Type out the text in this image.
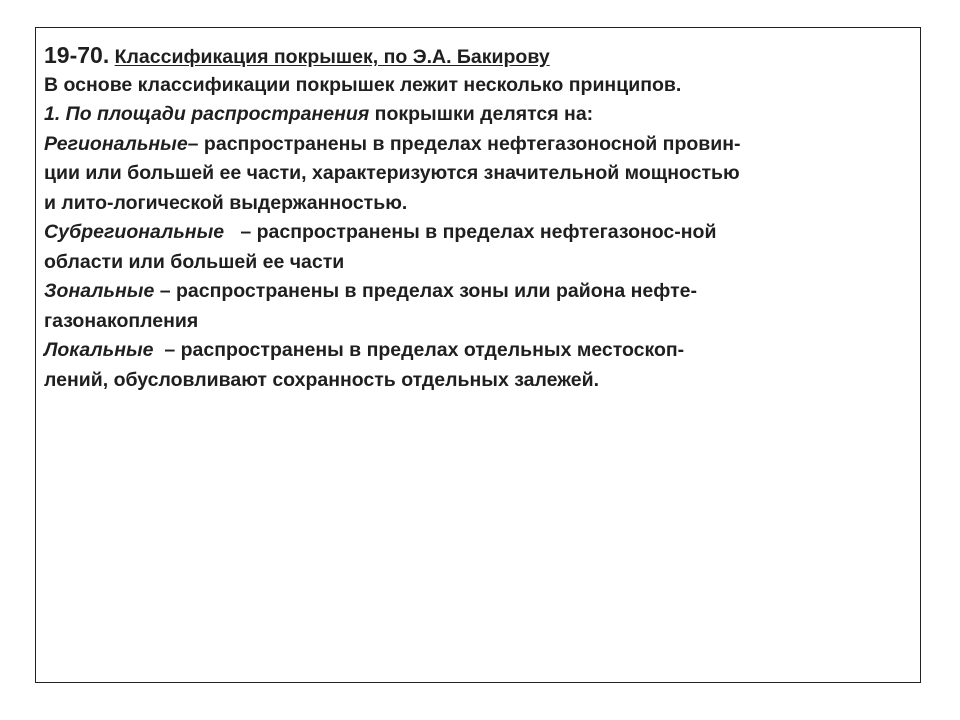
19-70. Классификация покрышек, по Э.А. Бакирову
В основе классификации покрышек лежит несколько принципов.
1. По площади распространения покрышки делятся на:
Региональные– распространены в пределах нефтегазоносной провин-
ции или большей ее части, характеризуются значительной мощностью
и лито-логической выдержанностью.
Субрегиональные – распространены в пределах нефтегазонос-ной
области или большей ее части
Зональные – распространены в пределах зоны или района нефте-
газонакопления
Локальные – распространены в пределах отдельных местоскоп-
лений, обусловливают сохранность отдельных залежей.
